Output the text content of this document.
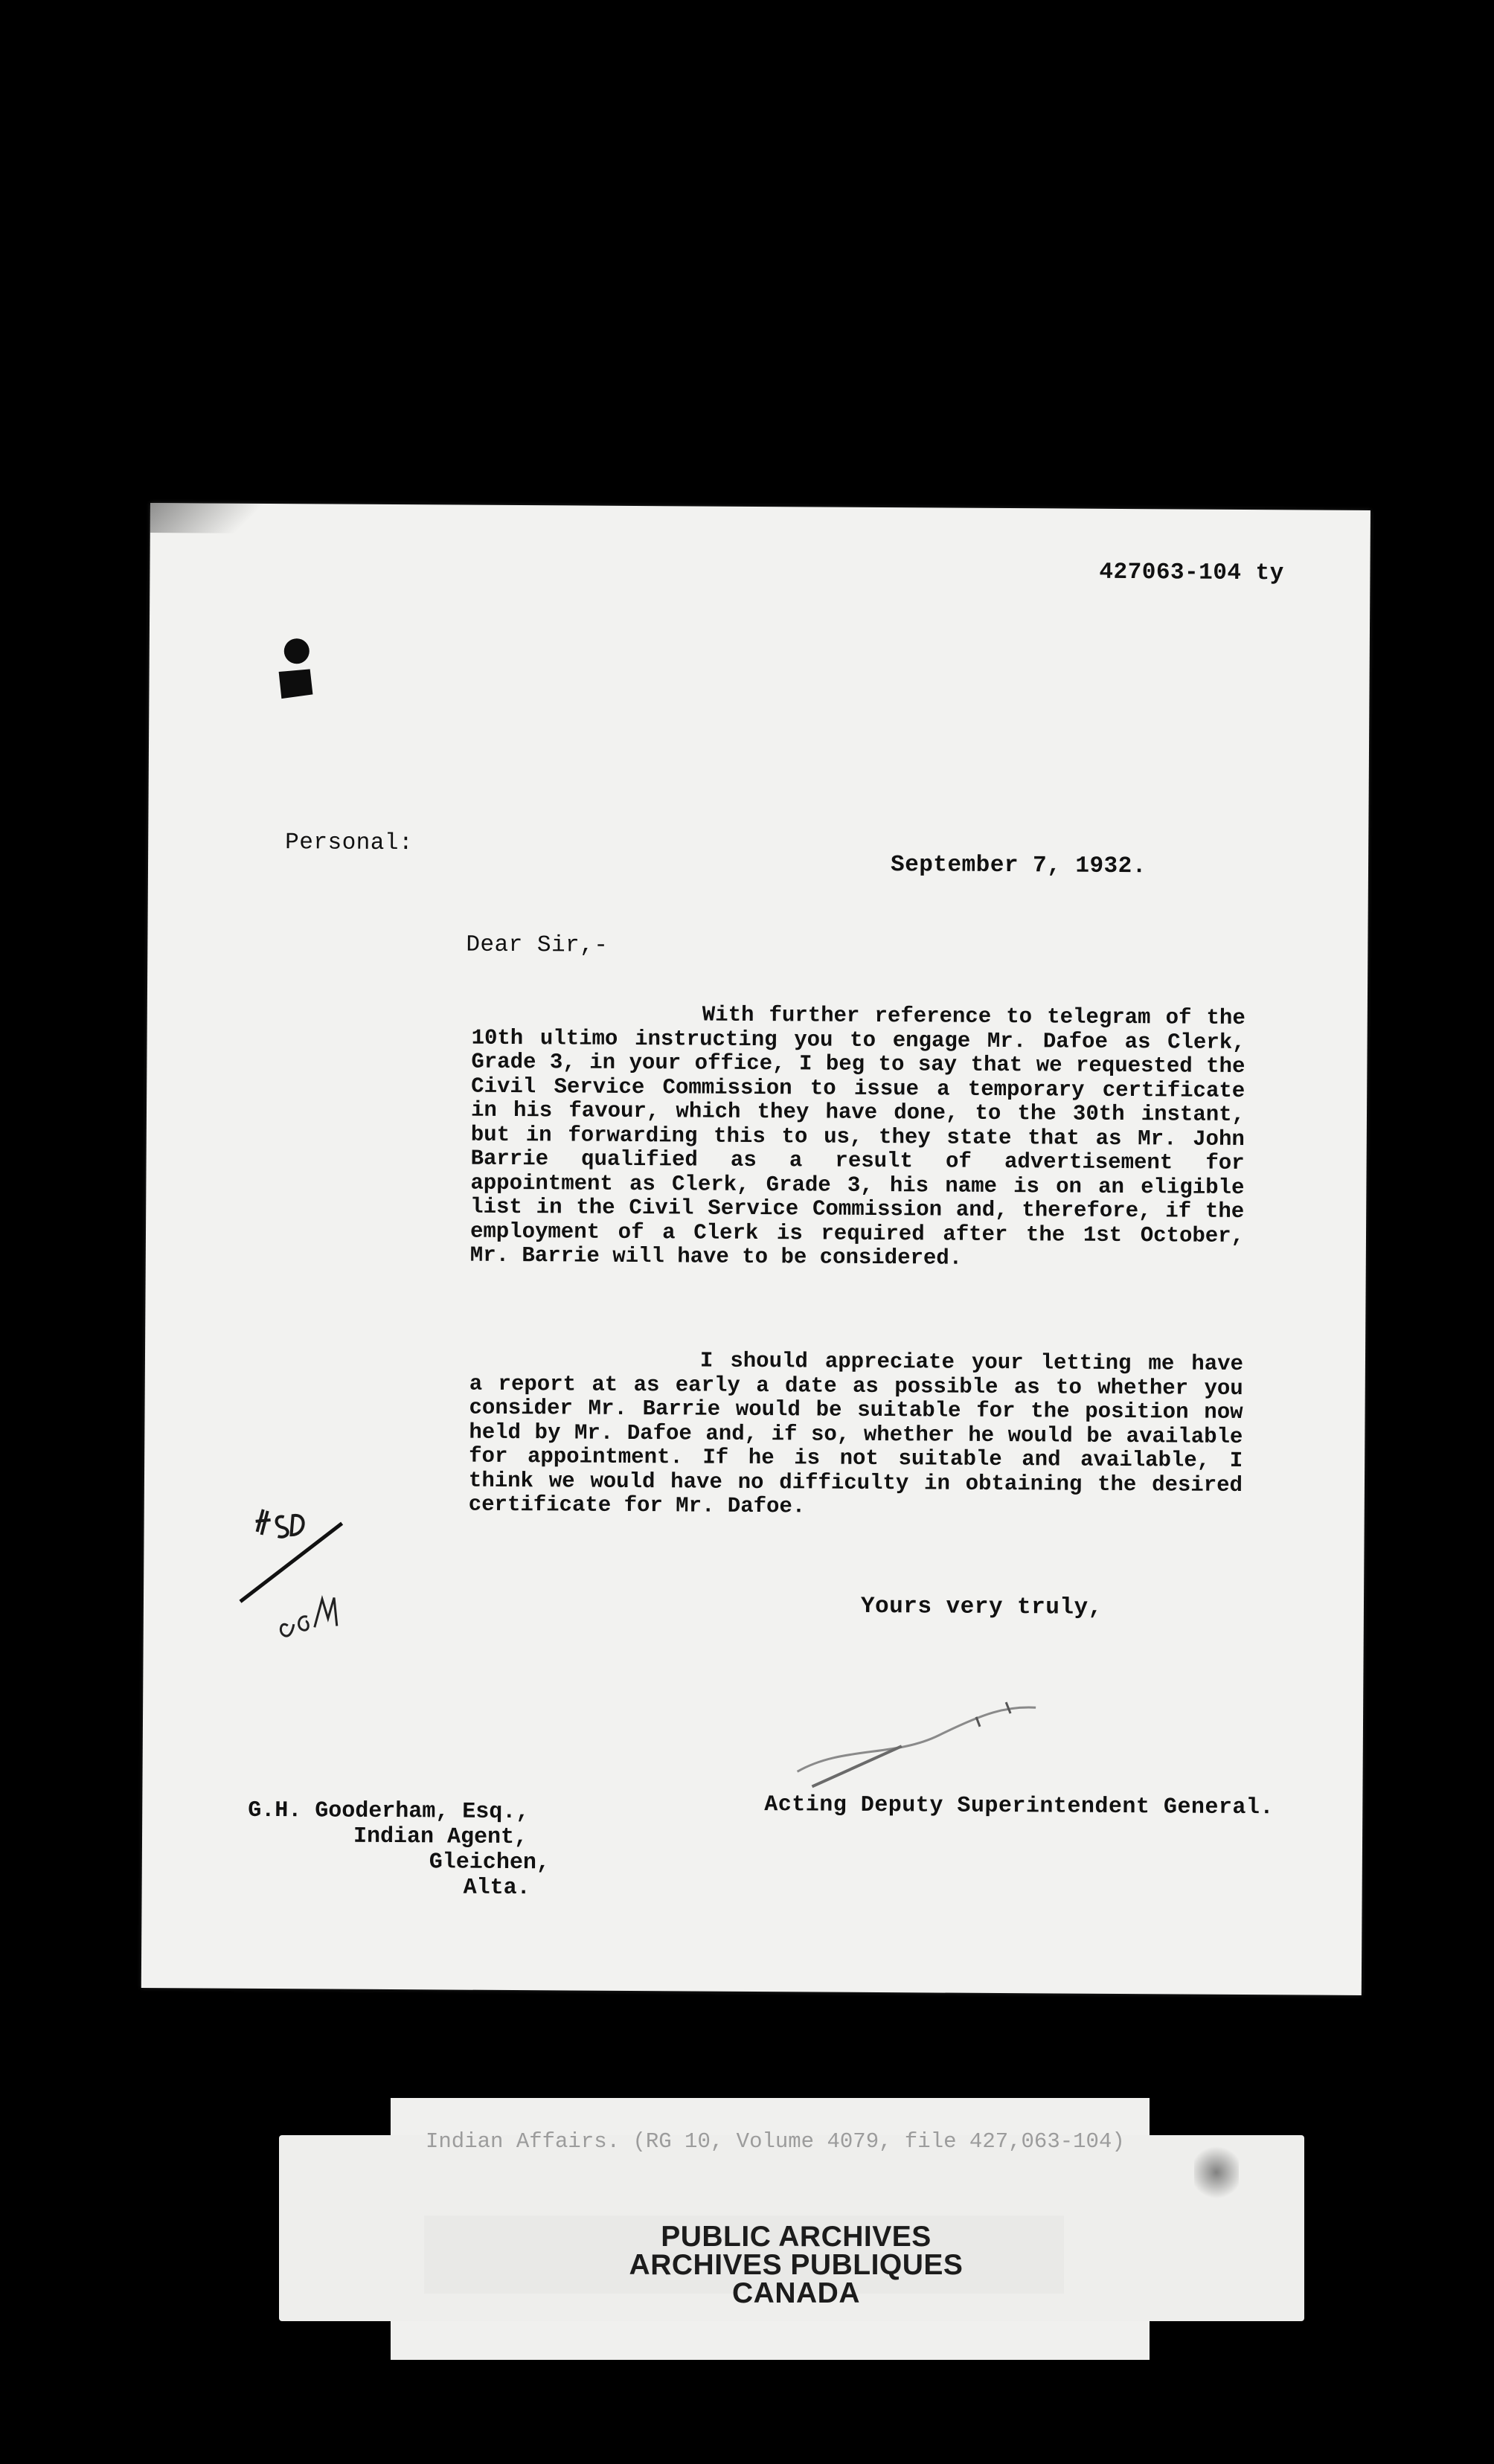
427063-104 ty
Personal:
September 7, 1932.
Dear Sir,-
With further reference to telegram of the 10th ultimo instructing you to engage Mr. Dafoe as Clerk, Grade 3, in your office, I beg to say that we requested the Civil Service Commission to issue a temporary certificate in his favour, which they have done, to the 30th instant, but in forwarding this to us, they state that as Mr. John Barrie qualified as a result of advertisement for appointment as Clerk, Grade 3, his name is on an eligible list in the Civil Service Commission and, therefore, if the employment of a Clerk is required after the 1st October, Mr. Barrie will have to be considered.
I should appreciate your letting me have a report at as early a date as possible as to whether you consider Mr. Barrie would be suitable for the position now held by Mr. Dafoe and, if so, whether he would be available for appointment. If he is not suitable and available, I think we would have no difficulty in obtaining the desired certificate for Mr. Dafoe.
Yours very truly,
Acting Deputy Superintendent General.
G.H. Gooderham, Esq.,
Indian Agent,
Gleichen,
Alta.
Indian Affairs. (RG 10, Volume 4079, file 427,063-104)
PUBLIC ARCHIVES
ARCHIVES PUBLIQUES
CANADA
